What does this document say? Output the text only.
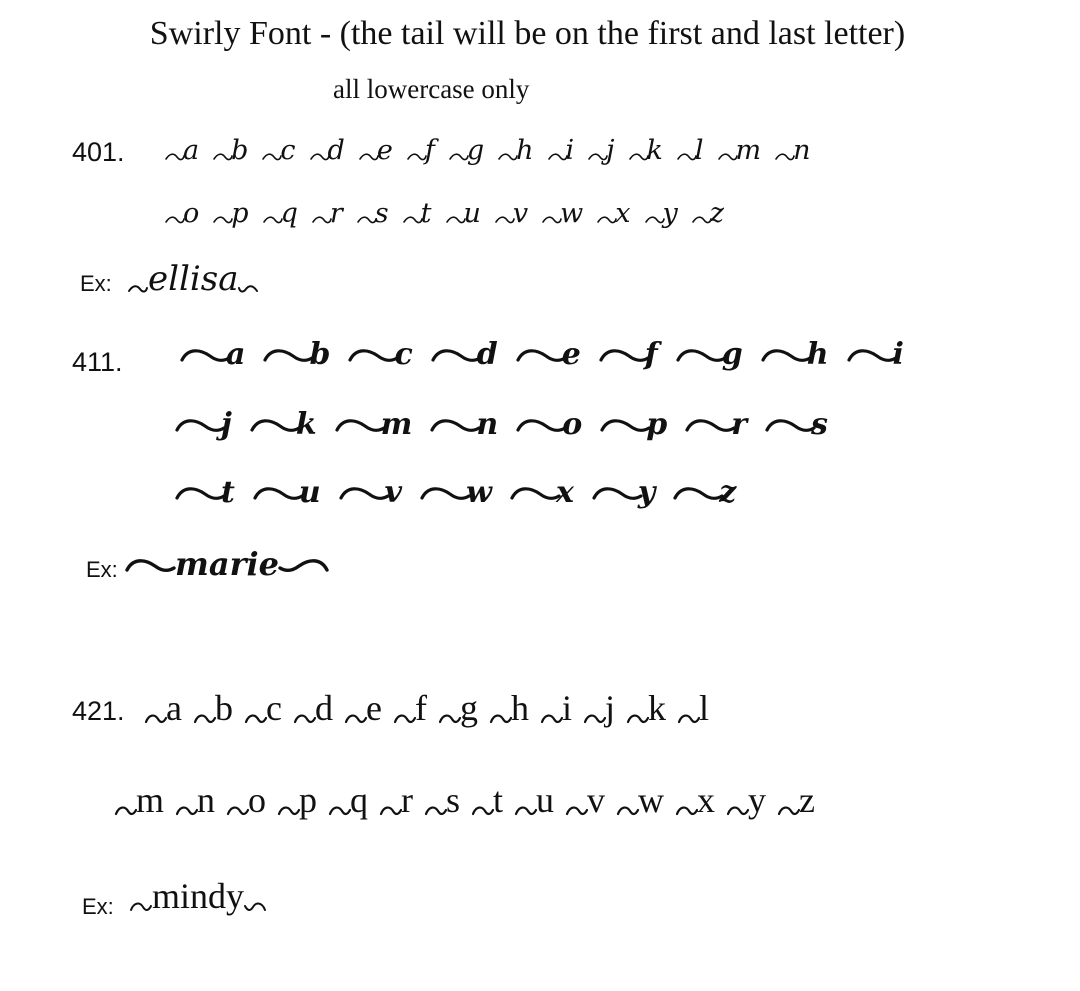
Swirly Font - (the tail will be on the first and last letter)
all lowercase only
401. a b c d e f g h i j k l m n
o p q r s t u v w x y z
Ex: ellisa
411.	a b c d e f g h i
j k m n o p r s
t u v w x y z
Ex: marie
421. a b c d e f g h i j k l
m n o p q r s t u v w x y z
Ex: mindy
